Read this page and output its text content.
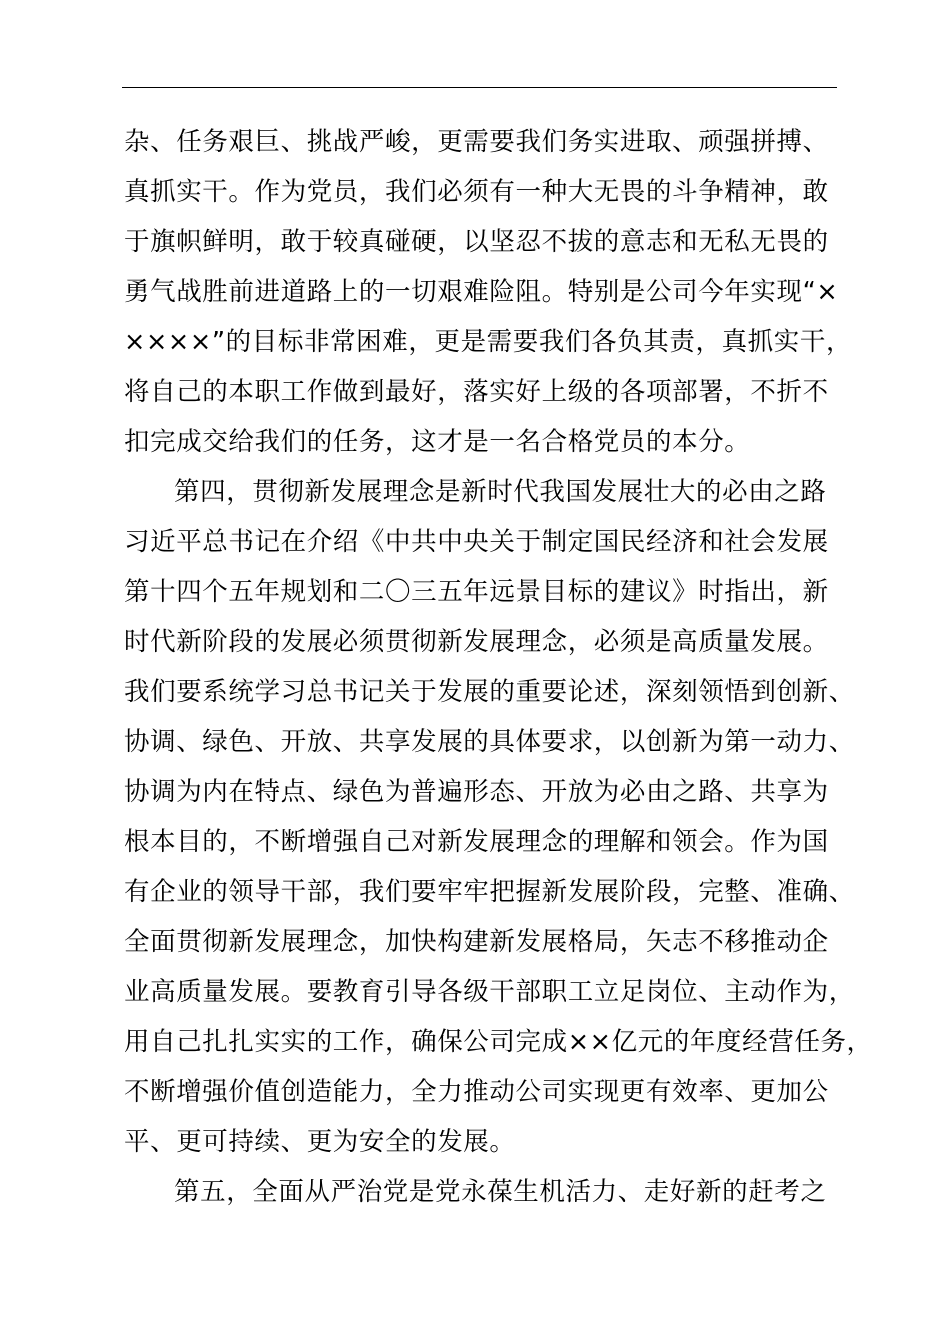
杂、任务艰巨、挑战严峻，更需要我们务实进取、顽强拼搏、
真抓实干。作为党员，我们必须有一种大无畏的斗争精神，敢
于旗帜鲜明，敢于较真碰硬，以坚忍不拔的意志和无私无畏的
勇气战胜前进道路上的一切艰难险阻。特别是公司今年实现“×
××××”的目标非常困难，更是需要我们各负其责，真抓实干，
将自己的本职工作做到最好，落实好上级的各项部署，不折不
扣完成交给我们的任务，这才是一名合格党员的本分。
第四，贯彻新发展理念是新时代我国发展壮大的必由之路
习近平总书记在介绍《中共中央关于制定国民经济和社会发展
第十四个五年规划和二〇三五年远景目标的建议》时指出，新
时代新阶段的发展必须贯彻新发展理念，必须是高质量发展。
我们要系统学习总书记关于发展的重要论述，深刻领悟到创新、
协调、绿色、开放、共享发展的具体要求，以创新为第一动力、
协调为内在特点、绿色为普遍形态、开放为必由之路、共享为
根本目的，不断增强自己对新发展理念的理解和领会。作为国
有企业的领导干部，我们要牢牢把握新发展阶段，完整、准确、
全面贯彻新发展理念，加快构建新发展格局，矢志不移推动企
业高质量发展。要教育引导各级干部职工立足岗位、主动作为，
用自己扎扎实实的工作，确保公司完成××亿元的年度经营任务，
不断增强价值创造能力，全力推动公司实现更有效率、更加公
平、更可持续、更为安全的发展。
第五，全面从严治党是党永葆生机活力、走好新的赶考之
